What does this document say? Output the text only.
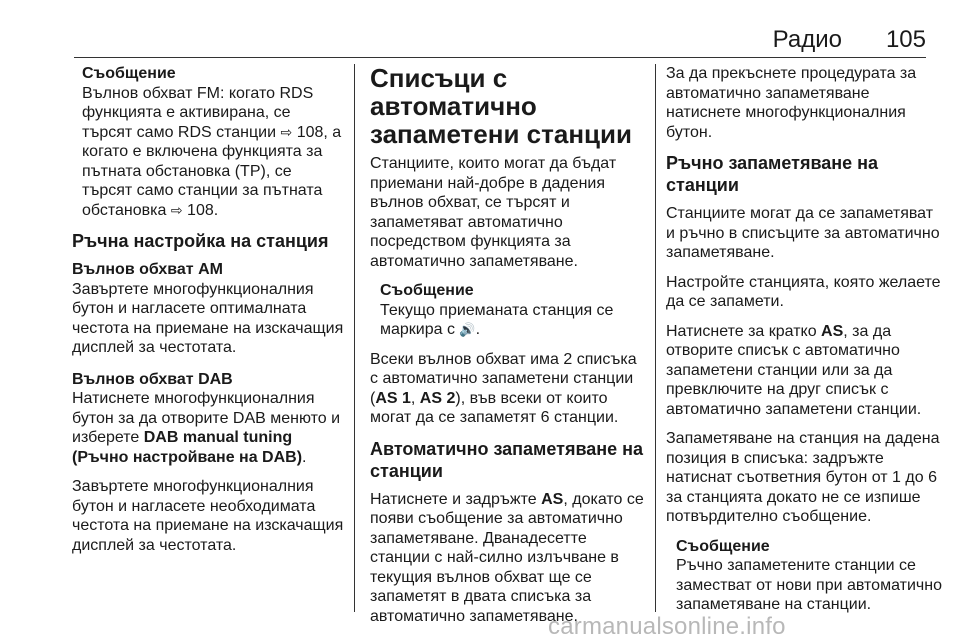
Радио 105
Съобщение
Вълнов обхват FM: когато RDS функцията е активирана, се търсят само RDS станции ⇨ 108, а когато е включена функцията за пътната обстановка (TP), се търсят само станции за пътната обстановка ⇨ 108.
Ръчна настройка на станция
Вълнов обхват AM

Завъртете многофункционалния бутон и нагласете оптималната честота на приемане на изскачащия дисплей за честотата.

Вълнов обхват DAB

Натиснете многофункционалния бутон за да отворите DAB менюто и изберете DAB manual tuning (Ръчно настройване на DAB).

Завъртете многофункционалния бутон и нагласете необходимата честота на приемане на изскачащия дисплей за честотата.

Списъци с автоматично запаметени станции

Станциите, които могат да бъдат приемани най-добре в дадения вълнов обхват, се търсят и запаметяват автоматично посредством функцията за автоматично запаметяване.

Съобщение
Текущо приеманата станция се маркира с 🔊.

Всеки вълнов обхват има 2 списъка с автоматично запаметени станции (AS 1, AS 2), във всеки от които могат да се запаметят 6 станции.

Автоматично запаметяване на станции

Натиснете и задръжте AS, докато се появи съобщение за автоматично запаметяване. Дванадесетте станции с най-силно излъчване в текущия вълнов обхват ще се запаметят в двата списъка за автоматично запаметяване.

За да прекъснете процедурата за автоматично запаметяване натиснете многофункционалния бутон.

Ръчно запаметяване на станции

Станциите могат да се запаметяват и ръчно в списъците за автоматично запаметяване.

Настройте станцията, която желаете да се запамети.

Натиснете за кратко AS, за да отворите списък с автоматично запаметени станции или за да превключите на друг списък с автоматично запаметени станции.

Запаметяване на станция на дадена позиция в списъка: задръжте натиснат съответния бутон от 1 до 6 за станцията докато не се изпише потвърдително съобщение.

Съобщение
Ръчно запаметените станции се заместват от нови при автоматично запаметяване на станции.
carmanualsonline.info
